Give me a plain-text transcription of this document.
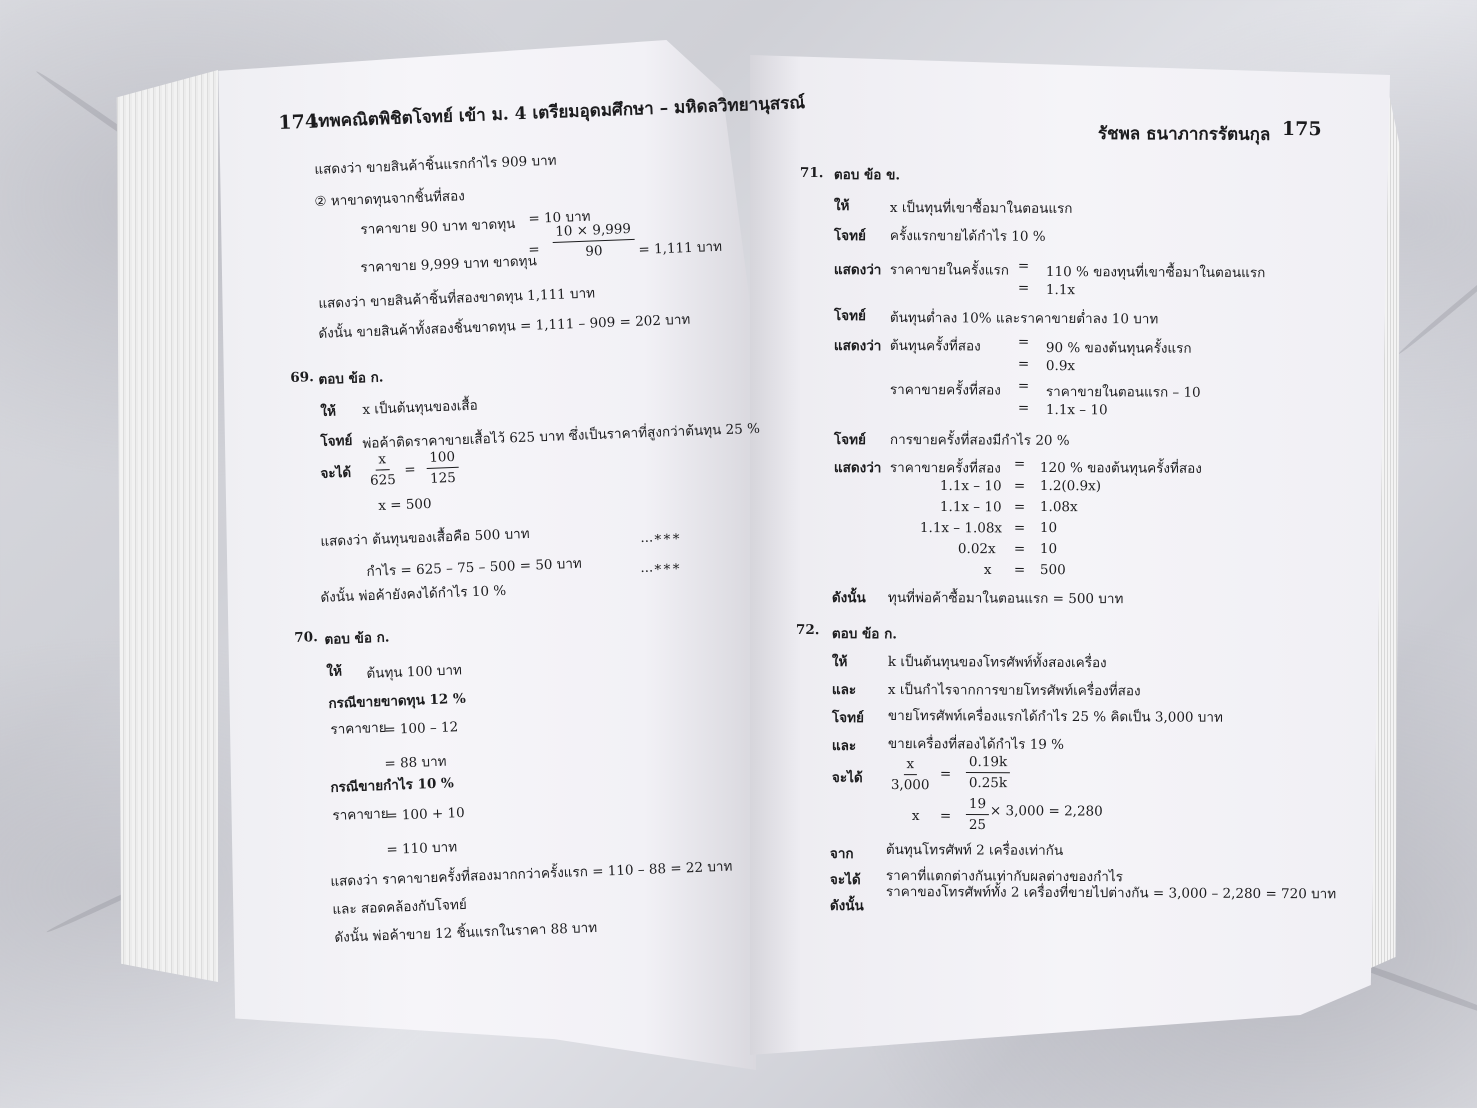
174
เทพคณิตพิชิตโจทย์ เข้า ม. 4 เตรียมอุดมศึกษา – มหิดลวิทยานุสรณ์
แสดงว่า ขายสินค้าชิ้นแรกกำไร 909 บาท
② หาขาดทุนจากชิ้นที่สอง
ราคาขาย 90 บาท ขาดทุน = 10 บาท
ราคาขาย 9,999 บาท ขาดทุน
= $\frac{10 \times 9,999}{90} = 1,111$ บาท
แสดงว่า ขายสินค้าชิ้นที่สองขาดทุน 1,111 บาท
ดังนั้น ขายสินค้าทั้งสองชิ้นขาดทุน = 1,111 – 909 = 202 บาท
69. ตอบ ข้อ ก.
ให้ x เป็นต้นทุนของเสื้อ
โจทย์ พ่อค้าติดราคาขายเสื้อไว้ 625 บาท ซึ่งเป็นราคาที่สูงกว่าต้นทุน 25 %
จะได้ $\frac{x}{625} = \frac{100}{125}$
x = 500
แสดงว่า ต้นทุนของเสื้อคือ 500 บาท	...∗∗∗
กำไร = 625 – 75 – 500 = 50 บาท	...∗∗∗
ดังนั้น พ่อค้ายังคงได้กำไร 10 %
70. ตอบ ข้อ ก.
ให้ ต้นทุน 100 บาท
กรณีขายขาดทุน 12 %
ราคาขาย
= 100 – 12
= 88 บาท
กรณีขายกำไร 10 %
ราคาขาย
= 100 + 10
= 110 บาท
แสดงว่า ราคาขายครั้งที่สองมากกว่าครั้งแรก = 110 – 88 = 22 บาท
และ สอดคล้องกับโจทย์
ดังนั้น พ่อค้าขาย 12 ชิ้นแรกในราคา 88 บาท
รัชพล ธนาภากรรัตนกุล 175
71. ตอบ ข้อ ข.
ให้	x เป็นทุนที่เขาซื้อมาในตอนแรก
โจทย์ ครั้งแรกขายได้กำไร 10 %
แสดงว่า ราคาขายในครั้งแรก = 110 % ของทุนที่เขาซื้อมาในตอนแรก
= 1.1x
โจทย์ ต้นทุนต่ำลง 10% และราคาขายต่ำลง 10 บาท
แสดงว่า ต้นทุนครั้งที่สอง	= 90 % ของต้นทุนครั้งแรก
= 0.9x
ราคาขายครั้งที่สอง = ราคาขายในตอนแรก – 10
= 1.1x – 10
โจทย์ การขายครั้งที่สองมีกำไร 20 %
แสดงว่า ราคาขายครั้งที่สอง = 120 % ของต้นทุนครั้งที่สอง
1.1x – 10 = 1.2(0.9x)
1.1x – 10 = 1.08x
1.1x – 1.08x = 10
0.02x = 10
x = 500
ดังนั้น ทุนที่พ่อค้าซื้อมาในตอนแรก = 500 บาท
72. ตอบ ข้อ ก.
ให้	k เป็นต้นทุนของโทรศัพท์ทั้งสองเครื่อง
และ x เป็นกำไรจากการขายโทรศัพท์เครื่องที่สอง
โจทย์ ขายโทรศัพท์เครื่องแรกได้กำไร 25 % คิดเป็น 3,000 บาท
และ ขายเครื่องที่สองได้กำไร 19 %
จะได้ $\frac{x}{3,000} = \frac{0.19k}{0.25k}$
$x = \frac{19}{25} \times 3,000 = 2,280$
จาก ต้นทุนโทรศัพท์ 2 เครื่องเท่ากัน
จะได้ ราคาที่แตกต่างกันเท่ากับผลต่างของกำไร
ดังนั้น
ราคาของโทรศัพท์ทั้ง 2 เครื่องที่ขายไปต่างกัน = 3,000 – 2,280 = 720 บาท
